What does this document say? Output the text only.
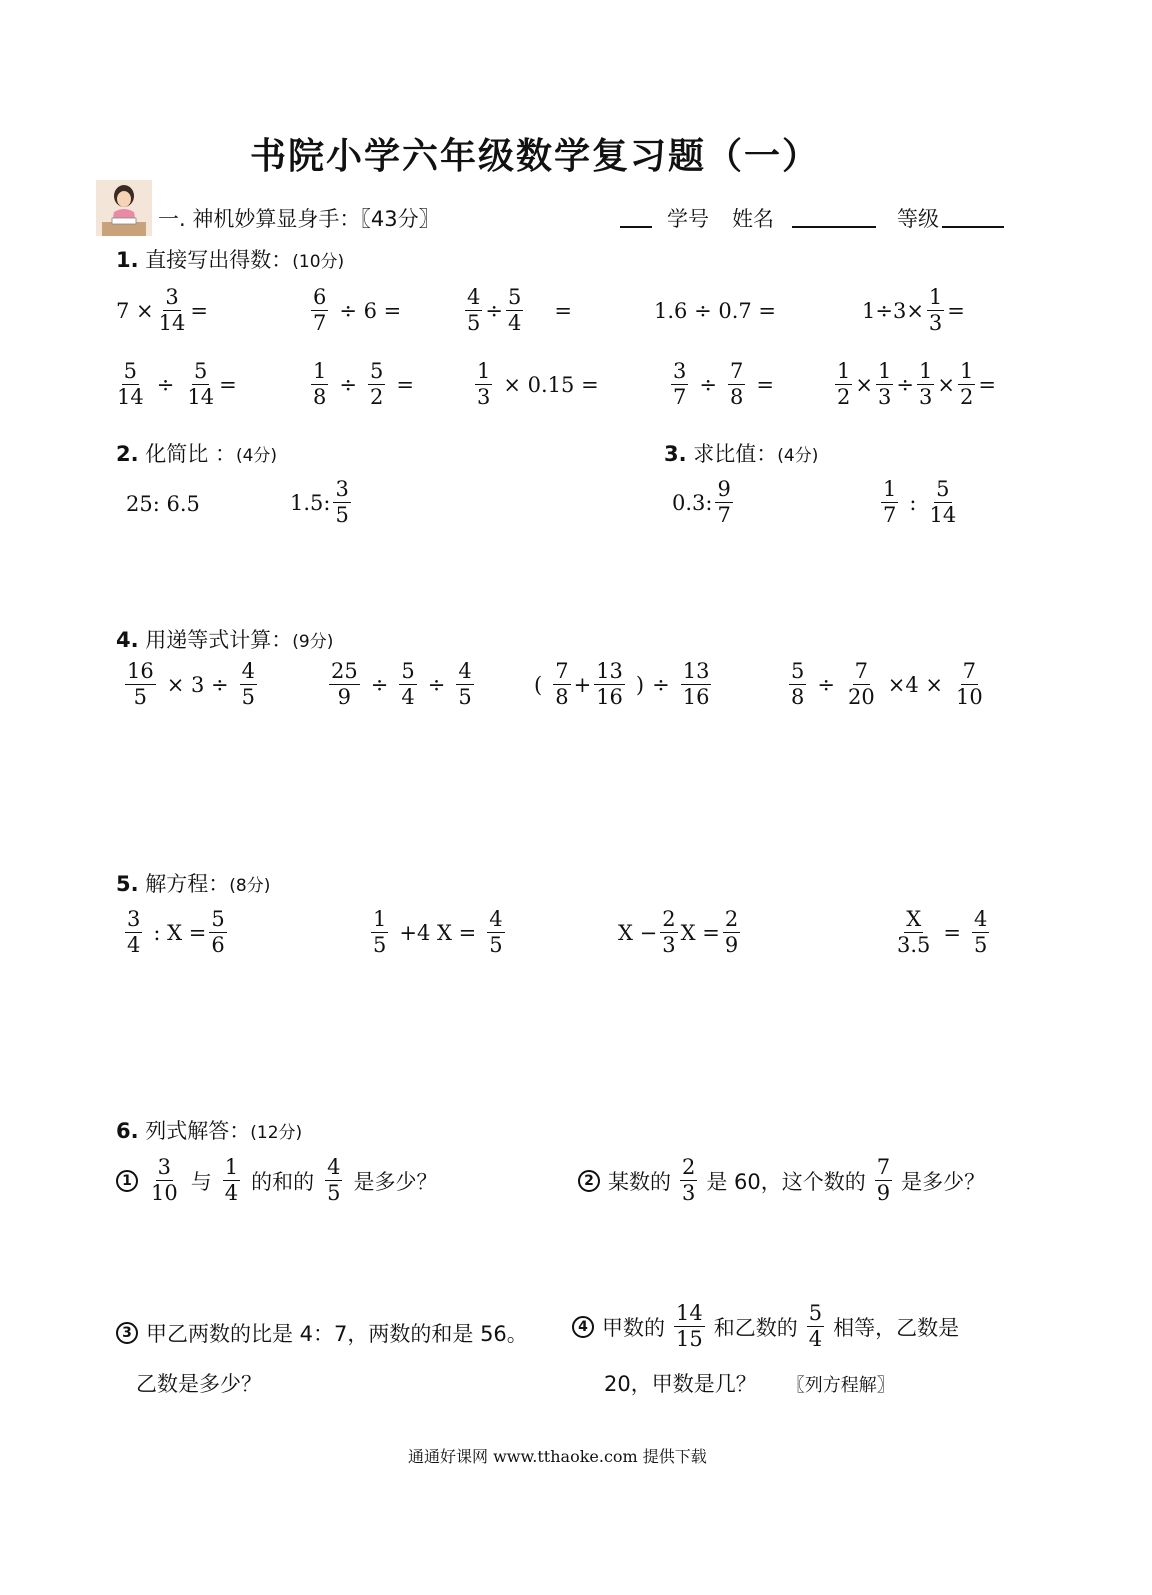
书院小学六年级数学复习题（一）
一. 神机妙算显身手：〖43分〗	学号 姓名	等级
1. 直接写出得数：(10分)
$7 \times \frac{3}{14}$ =	$\frac{6}{7} \div 6$ =	$\frac{4}{5} \div \frac{5}{4}$ =	1.6 ÷ 0.7 =	$1\div 3\times \frac{1}{3}$ =
$\frac{5}{14} \div \frac{5}{14}$ =	$\frac{1}{8} \div \frac{5}{2}$ =	$\frac{1}{3} \times 0.15$ =	$\frac{3}{7} \div \frac{7}{8}$ =	$\frac{1}{2} \times \frac{1}{3} \div \frac{1}{3} \times \frac{1}{2}$ =
2. 化简比 ：(4分)	3. 求比值：(4分)
25: 6.5	1.5: $\frac{3}{5}$	0.3: $\frac{9}{7}$	$\frac{1}{7}$ : $\frac{5}{14}$
4. 用递等式计算：(9分)
$\frac{16}{5} \times 3 \div \frac{4}{5}$	$\frac{25}{9} \div \frac{5}{4} \div \frac{4}{5}$	( $\frac{7}{8} + \frac{13}{16}$ ) ÷ $\frac{13}{16}$	$\frac{5}{8} \div \frac{7}{20} \times 4 \times \frac{7}{10}$
5. 解方程：(8分)
$\frac{3}{4}$ : $X = \frac{5}{6}$	$\frac{1}{5} +4$ $X = \frac{4}{5}$	$X - \frac{2}{3}$ $X = \frac{2}{9}$	$\frac{X}{3.5} = \frac{4}{5}$
6. 列式解答：(12分)
$1 \frac{3}{10}$ 与 $\frac{1}{4}$ 的和的 $\frac{4}{5}$ 是多少？	2 某数的 $\frac{2}{3}$ 是 60，这个数的 $\frac{7}{9}$ 是多少？
3 甲乙两数的比是 4：7，两数的和是 56。
乙数是多少？
4 甲数的 $\frac{14}{15}$ 和乙数的 $\frac{5}{4}$ 相等，乙数是
20，甲数是几？ 〖列方程解〗
通通好课网 www.tthaoke.com 提供下载
